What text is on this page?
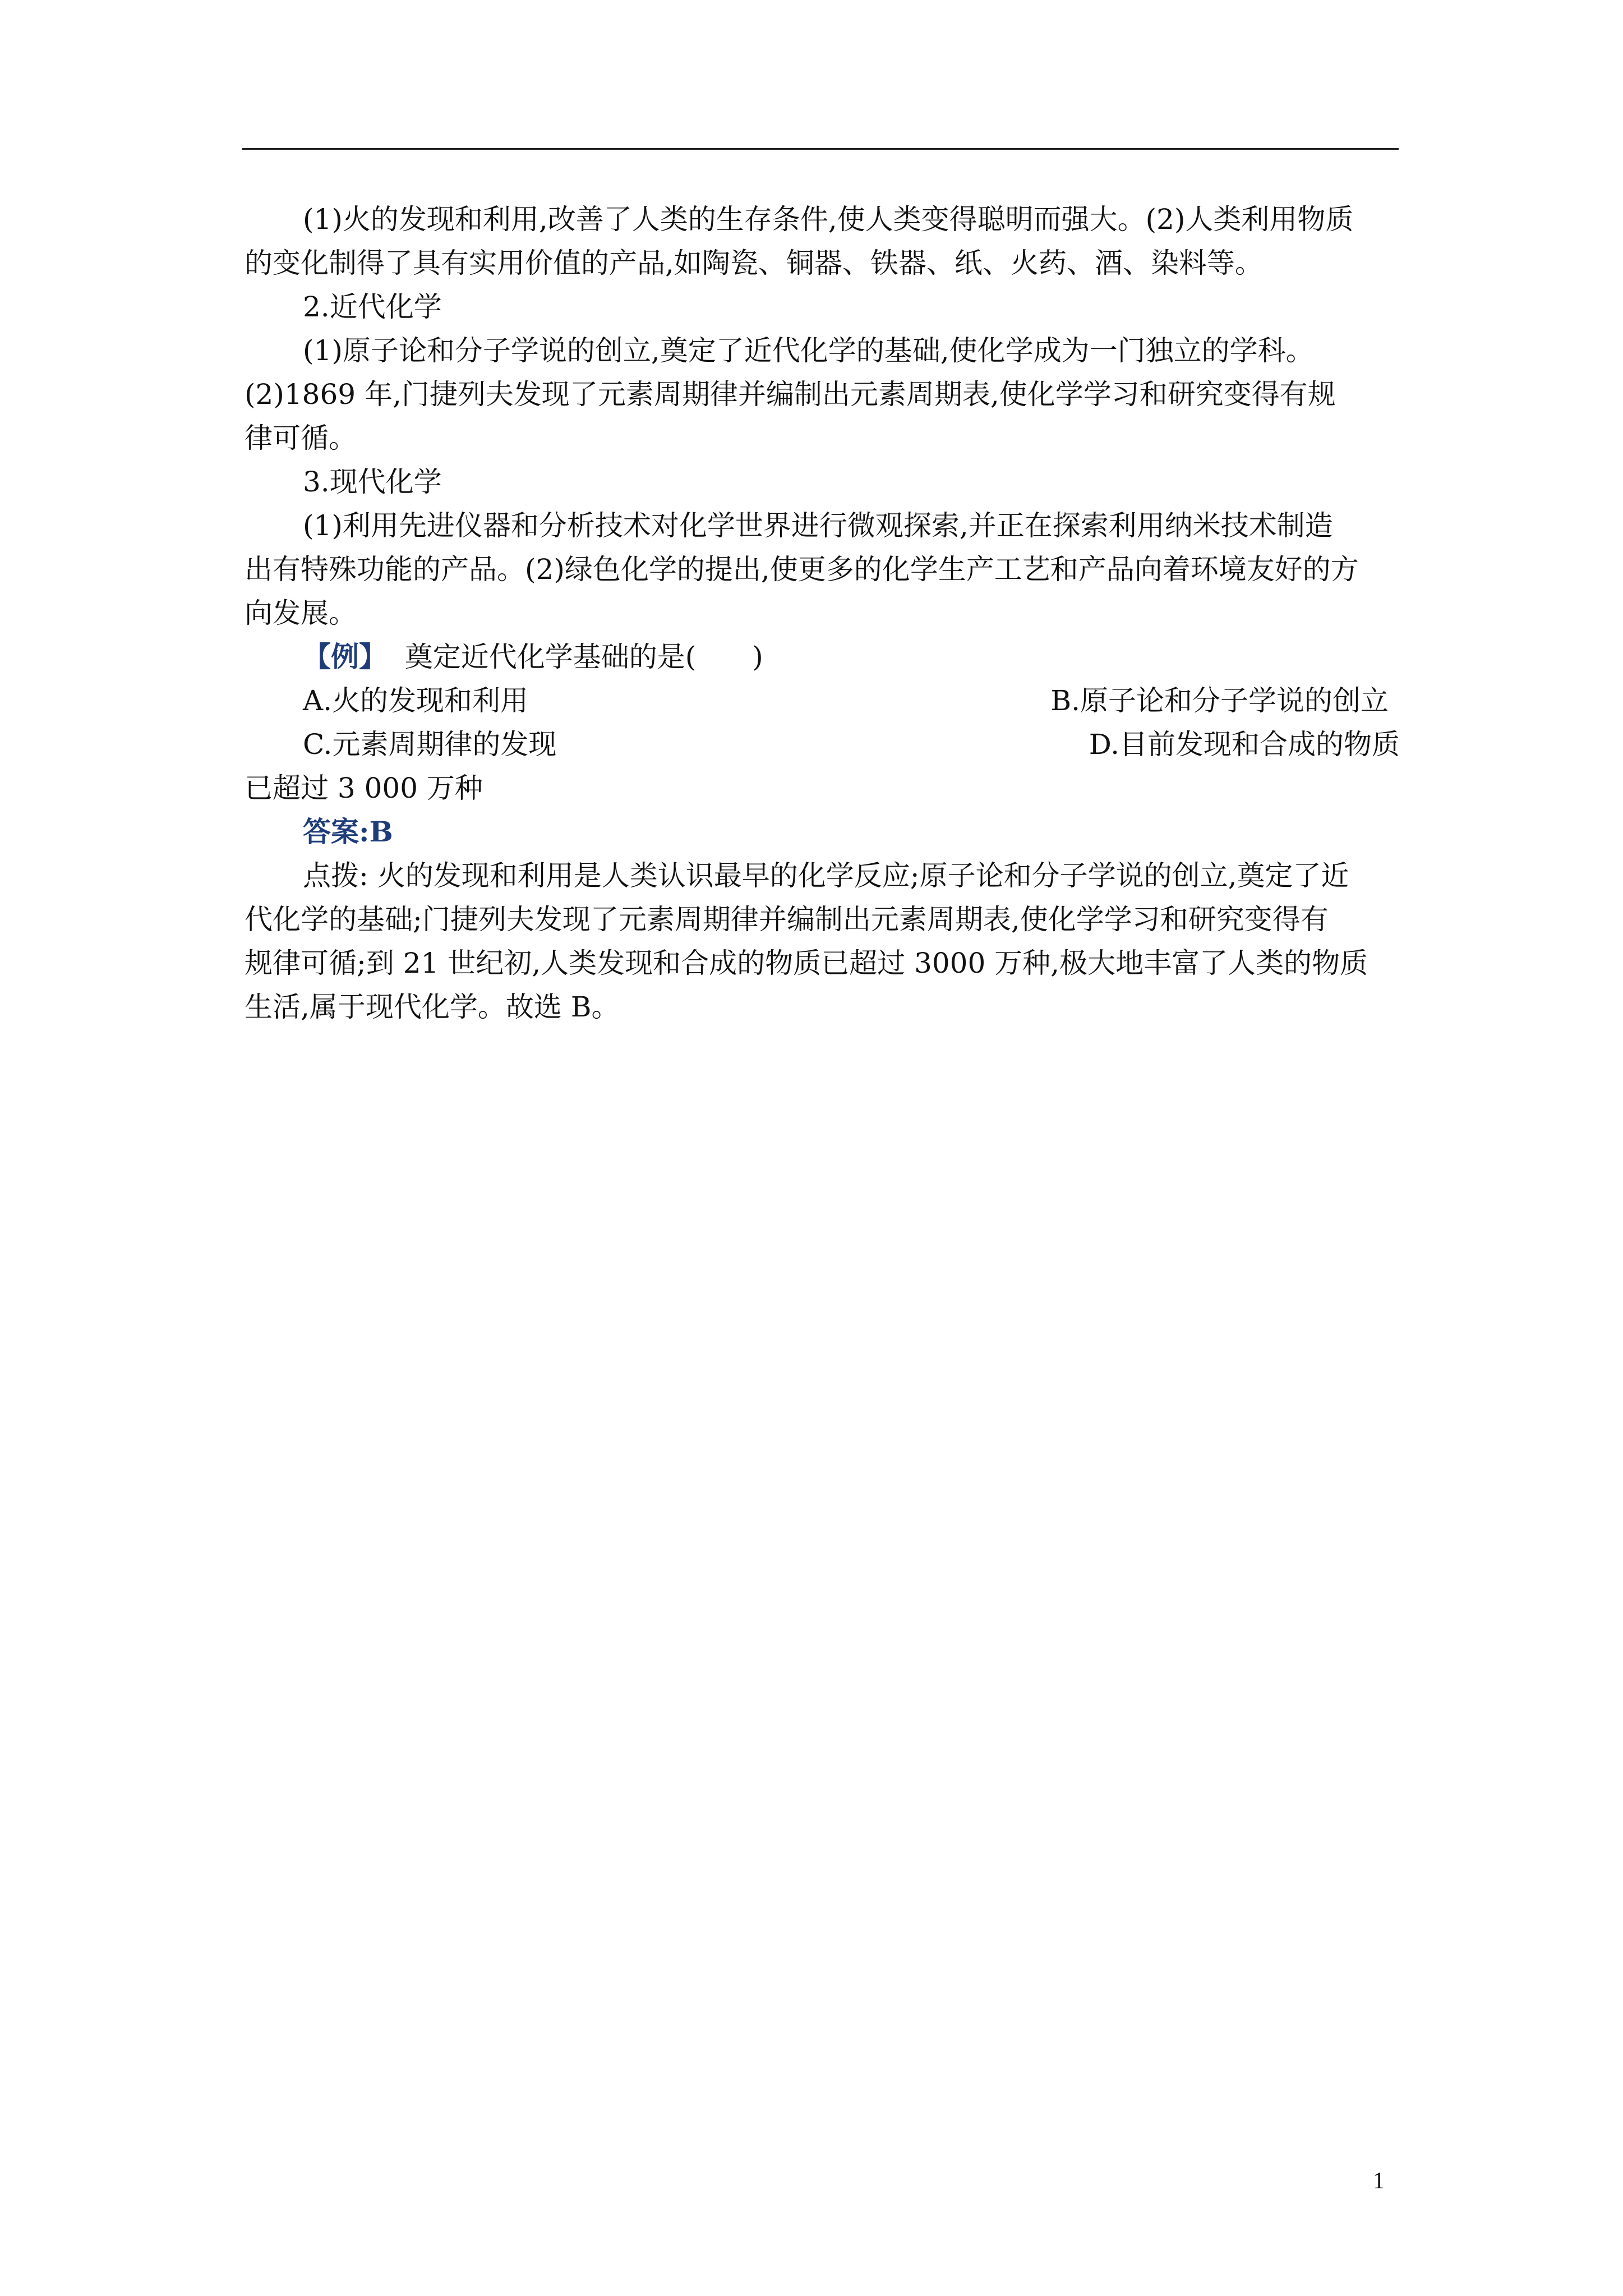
(1)火的发现和利用,改善了人类的生存条件,使人类变得聪明而强大。(2)人类利用物质

的变化制得了具有实用价值的产品,如陶瓷、铜器、铁器、纸、火药、酒、染料等。

2.近代化学

(1)原子论和分子学说的创立,奠定了近代化学的基础,使化学成为一门独立的学科。

(2)1869 年,门捷列夫发现了元素周期律并编制出元素周期表,使化学学习和研究变得有规

律可循。

3.现代化学

(1)利用先进仪器和分析技术对化学世界进行微观探索,并正在探索利用纳米技术制造

出有特殊功能的产品。(2)绿色化学的提出,使更多的化学生产工艺和产品向着环境友好的方

向发展。

【例】 奠定近代化学基础的是(　　)

A.火的发现和利用	B.原子论和分子学说的创立
C.元素周期律的发现	D.目前发现和合成的物质

已超过 3 000 万种

答案:B

点拨: 火的发现和利用是人类认识最早的化学反应;原子论和分子学说的创立,奠定了近

代化学的基础;门捷列夫发现了元素周期律并编制出元素周期表,使化学学习和研究变得有

规律可循;到 21 世纪初,人类发现和合成的物质已超过 3000 万种,极大地丰富了人类的物质

生活,属于现代化学。故选 B。

1
